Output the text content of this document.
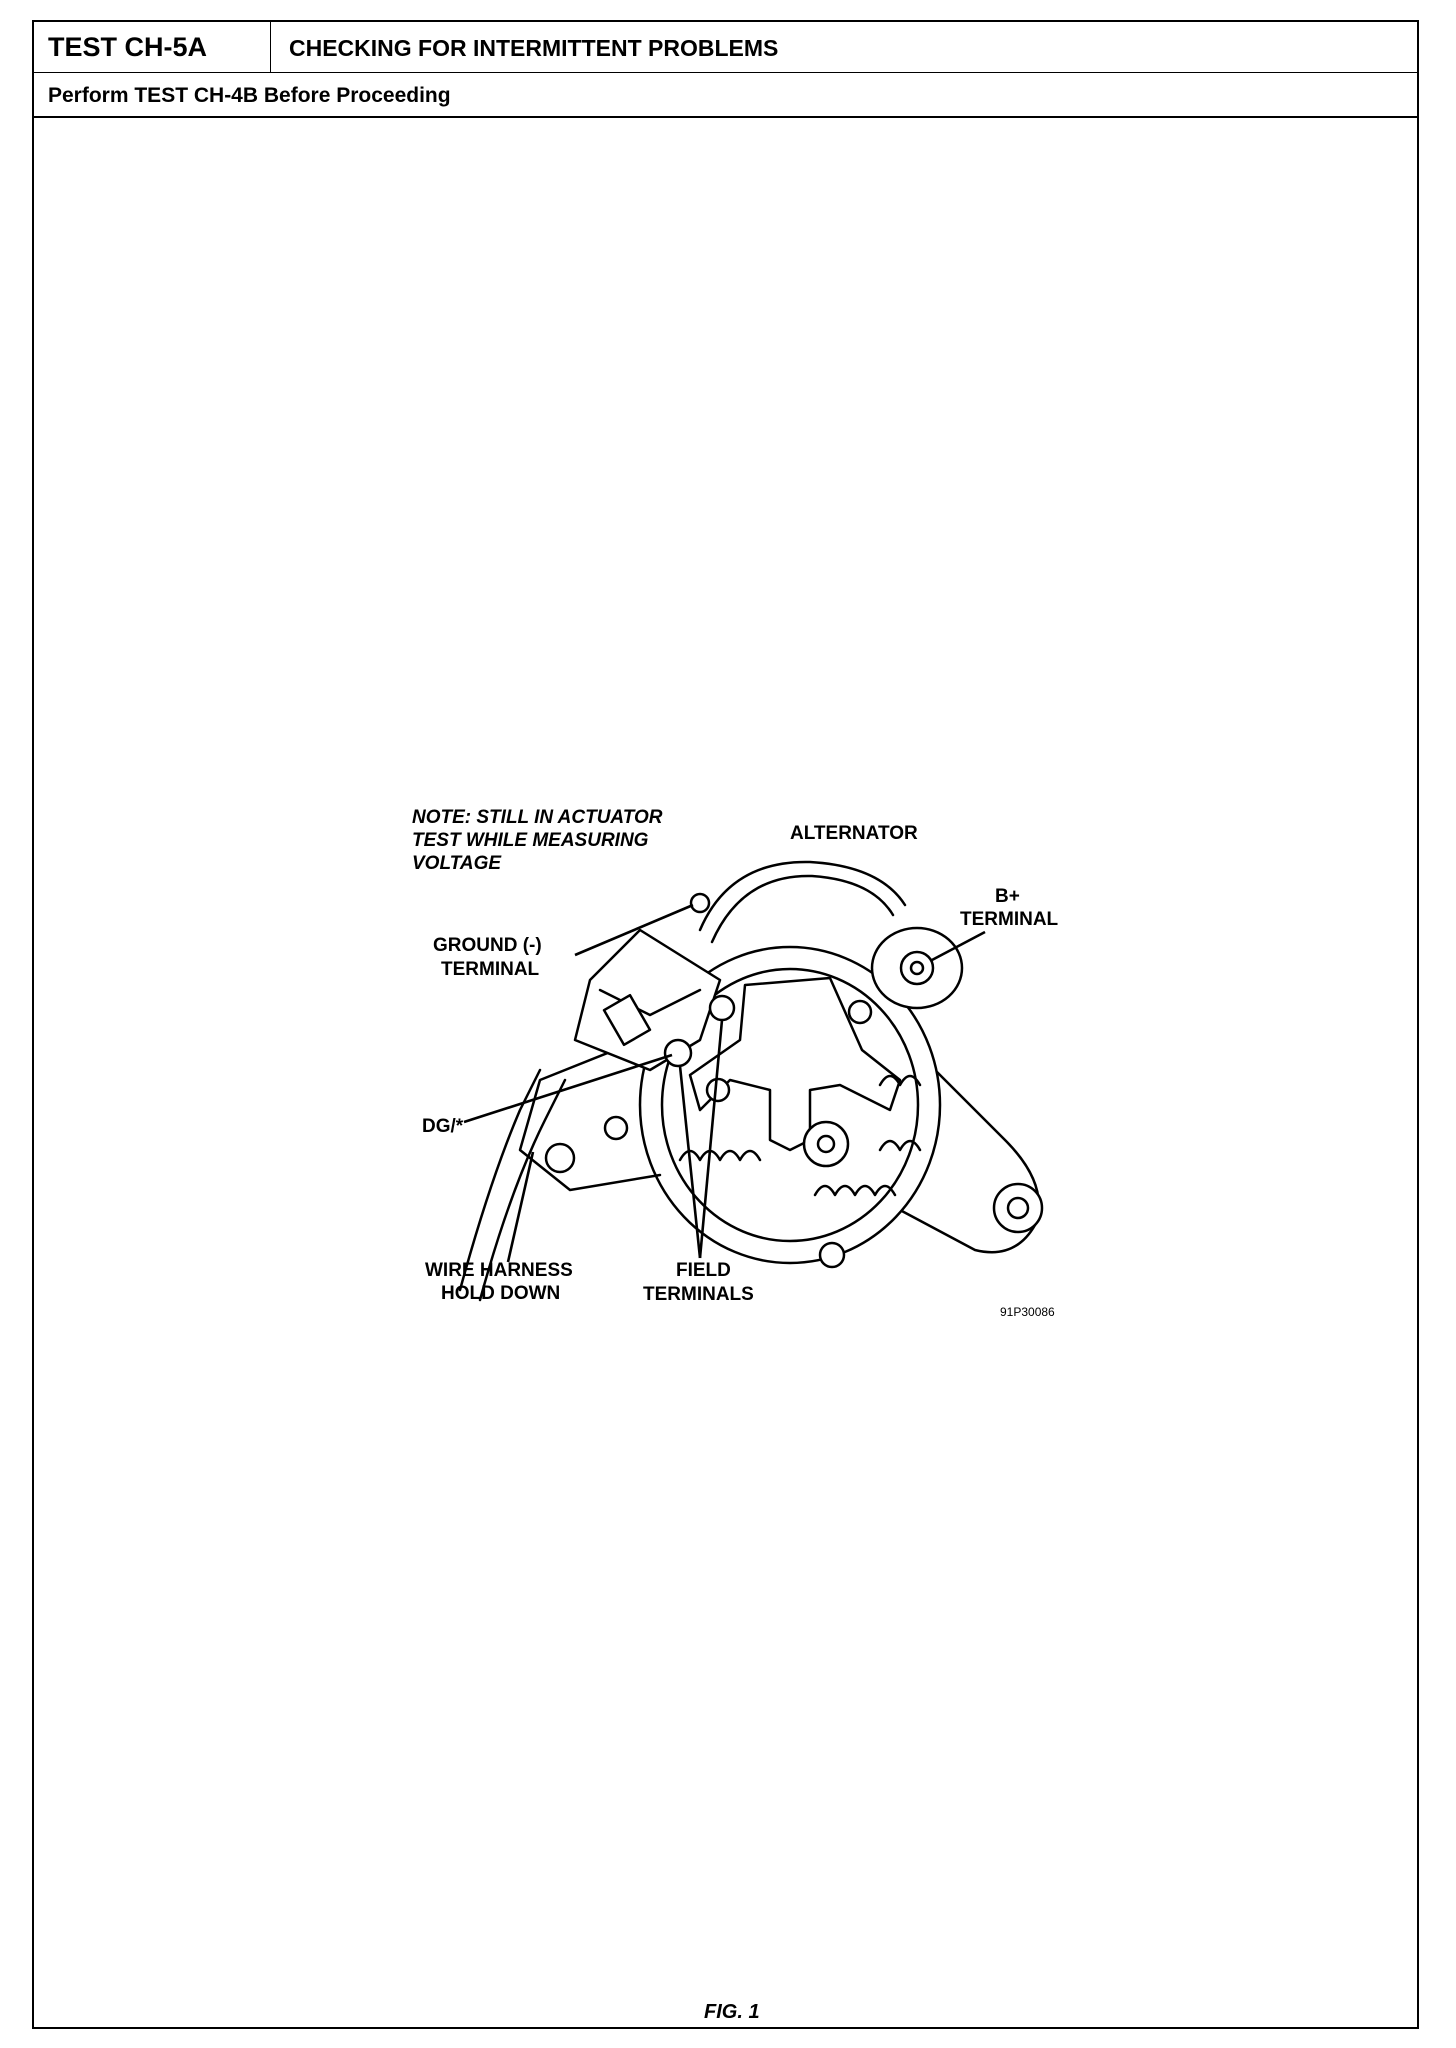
TEST CH-5A	CHECKING FOR INTERMITTENT PROBLEMS
Perform TEST CH-4B Before Proceeding
NOTE: STILL IN ACTUATOR
TEST WHILE MEASURING
VOLTAGE
ALTERNATOR
B+
TERMINAL
GROUND (-)
TERMINAL
DG/*
WIRE HARNESS
HOLD DOWN
FIELD
TERMINALS
91P30086
FIG. 1
